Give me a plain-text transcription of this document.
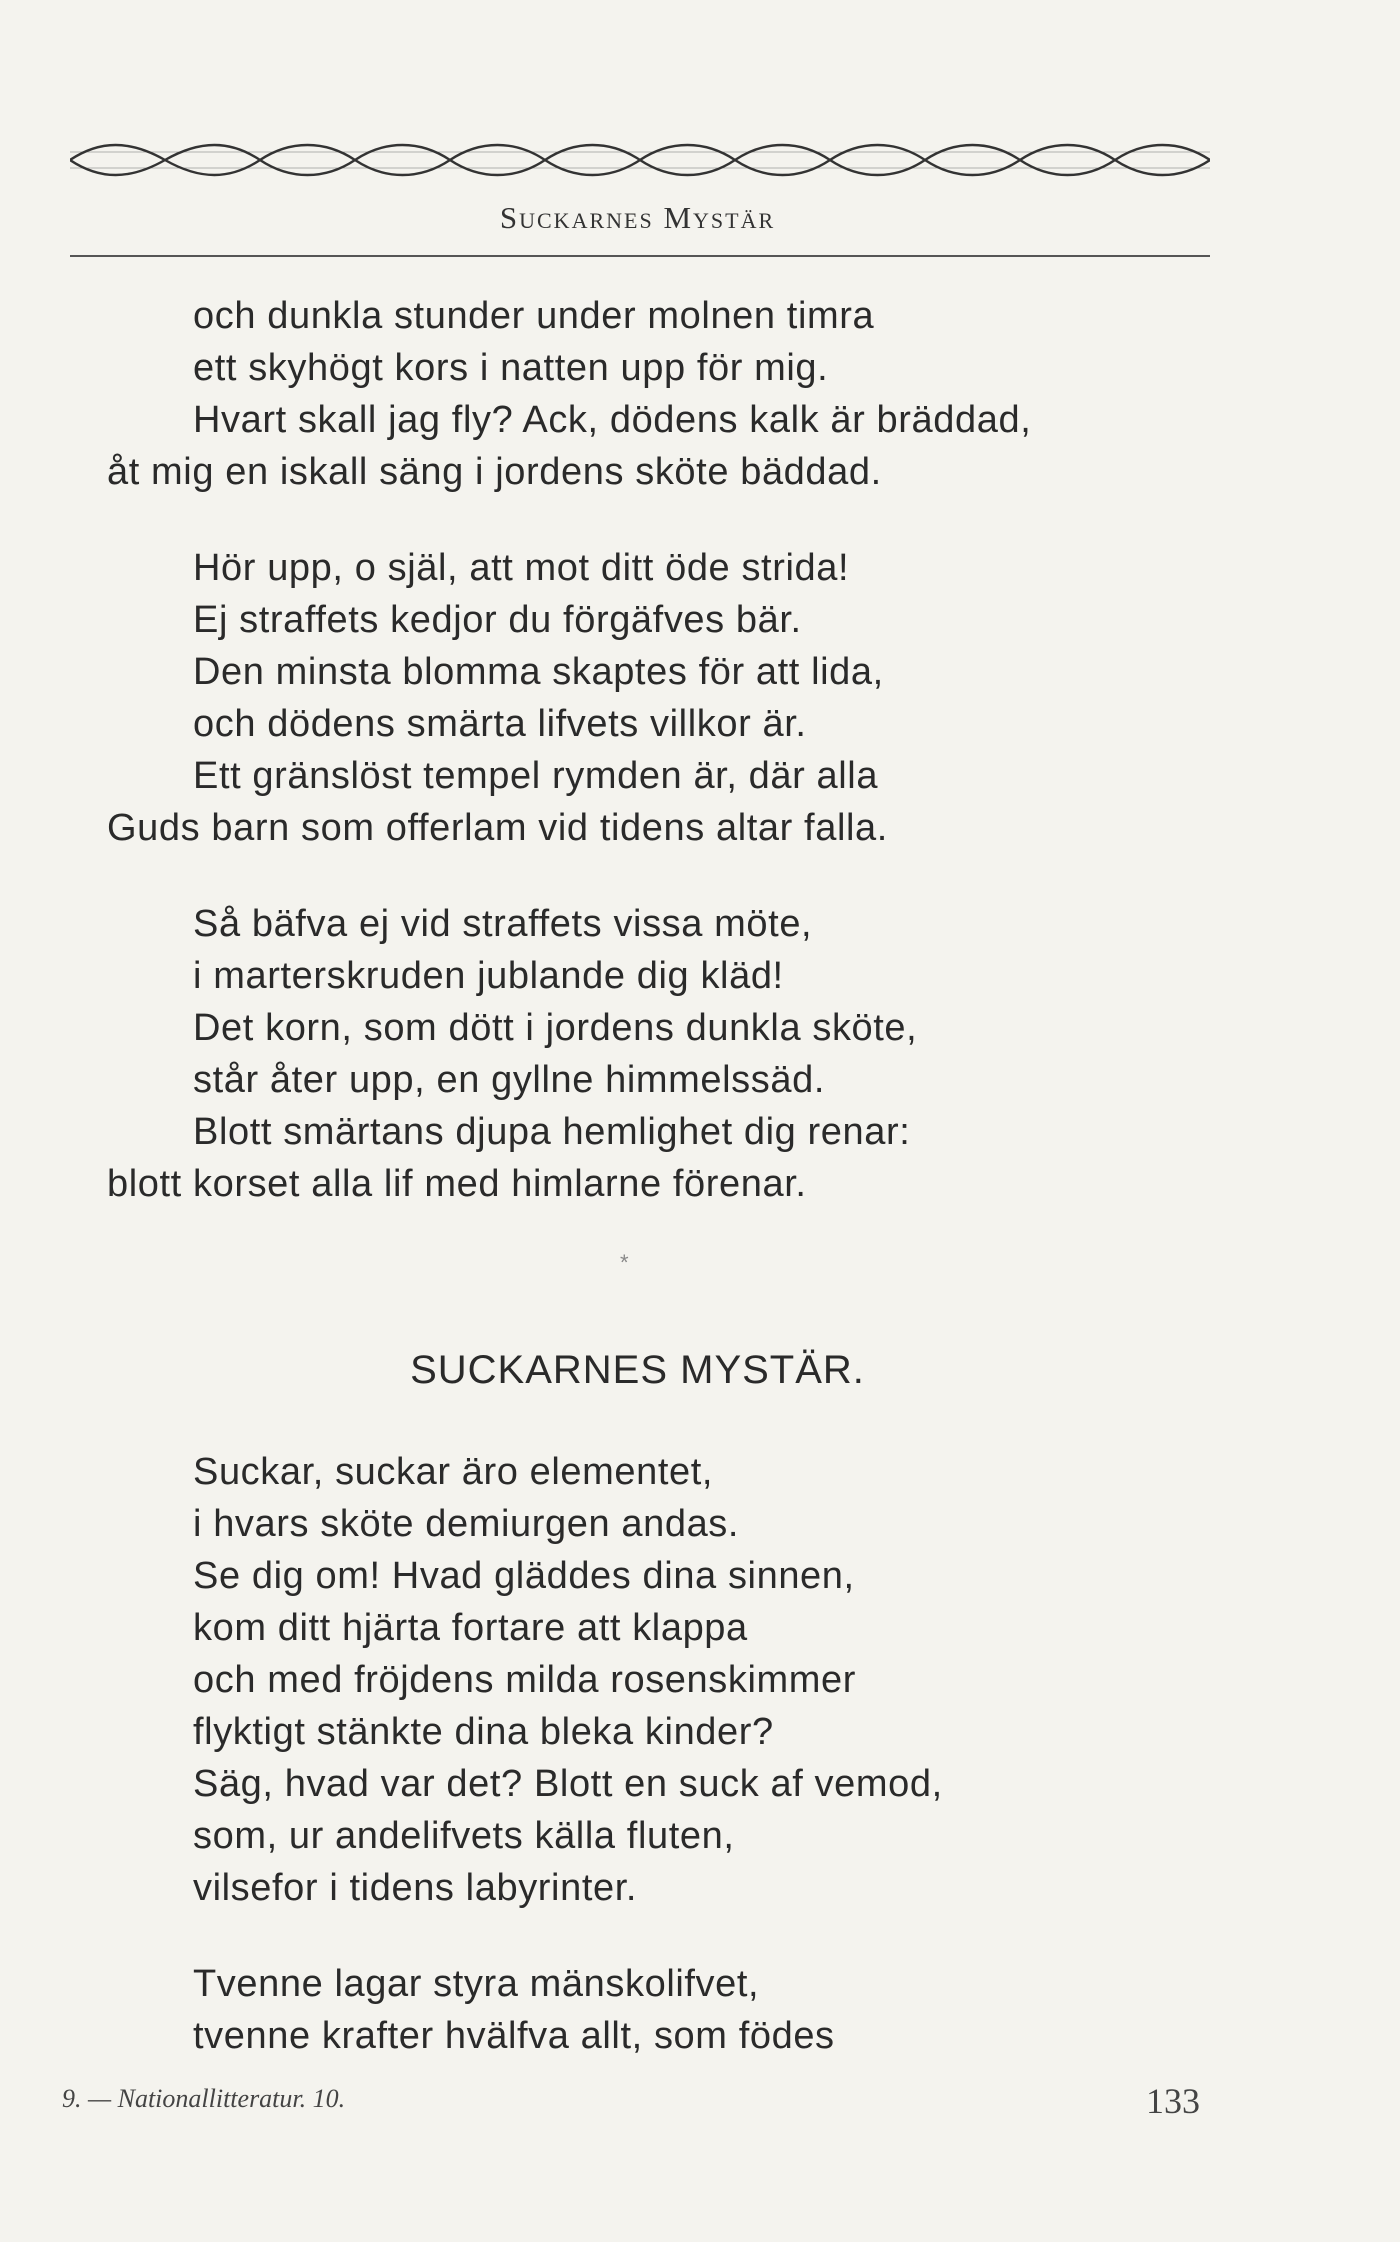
Suckarnes Mystär
och dunkla stunder under molnen timra
ett skyhögt kors i natten upp för mig.
Hvart skall jag fly? Ack, dödens kalk är bräddad,
åt mig en iskall säng i jordens sköte bäddad.
Hör upp, o själ, att mot ditt öde strida!
Ej straffets kedjor du förgäfves bär.
Den minsta blomma skaptes för att lida,
och dödens smärta lifvets villkor är.
Ett gränslöst tempel rymden är, där alla
Guds barn som offerlam vid tidens altar falla.
Så bäfva ej vid straffets vissa möte,
i marterskruden jublande dig kläd!
Det korn, som dött i jordens dunkla sköte,
står åter upp, en gyllne himmelssäd.
Blott smärtans djupa hemlighet dig renar:
blott korset alla lif med himlarne förenar.
*
SUCKARNES MYSTÄR.
Suckar, suckar äro elementet,
i hvars sköte demiurgen andas.
Se dig om! Hvad gläddes dina sinnen,
kom ditt hjärta fortare att klappa
och med fröjdens milda rosenskimmer
flyktigt stänkte dina bleka kinder?
Säg, hvad var det? Blott en suck af vemod,
som, ur andelifvets källa fluten,
vilsefor i tidens labyrinter.
Tvenne lagar styra mänskolifvet,
tvenne krafter hvälfva allt, som födes
9. — Nationallitteratur. 10.	133
